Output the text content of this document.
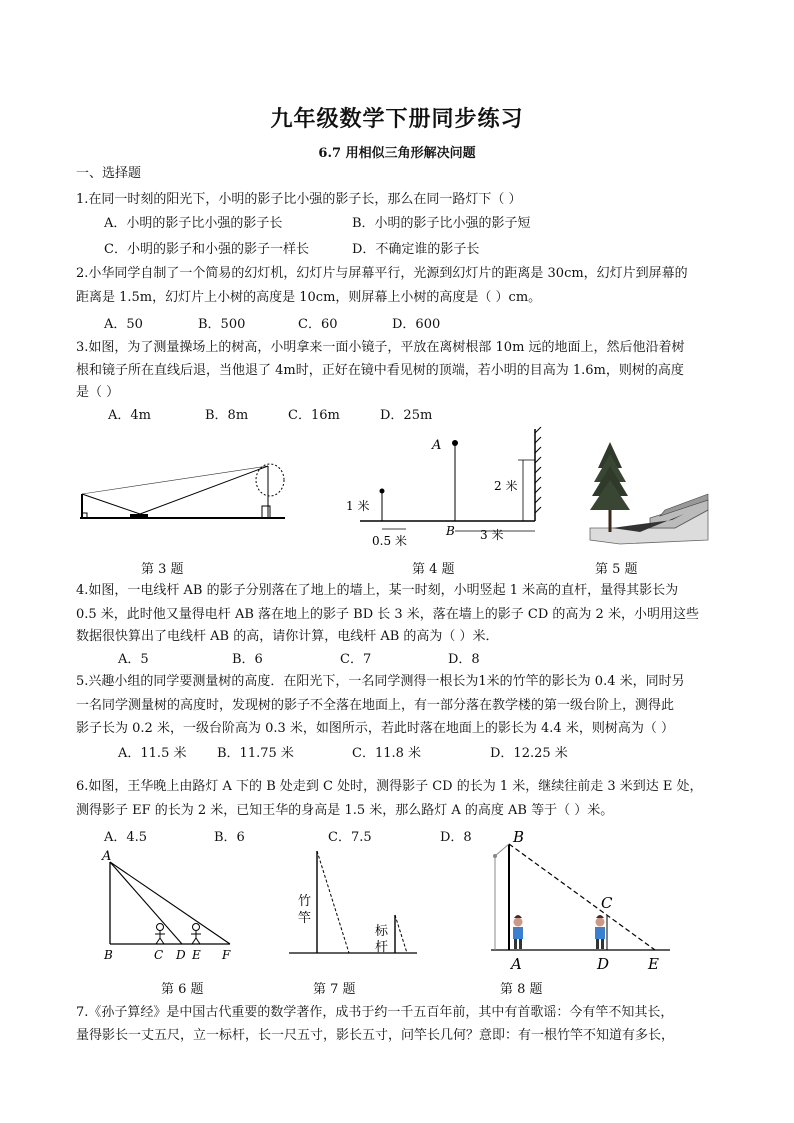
九年级数学下册同步练习
6.7 用相似三角形解决问题
一、选择题
1.在同一时刻的阳光下，小明的影子比小强的影子长，那么在同一路灯下（ ）
A．小明的影子比小强的影子长	B．小明的影子比小强的影子短
C．小明的影子和小强的影子一样长	D．不确定谁的影子长
2.小华同学自制了一个简易的幻灯机，幻灯片与屏幕平行，光源到幻灯片的距离是 30cm，幻灯片到屏幕的
距离是 1.5m，幻灯片上小树的高度是 10cm，则屏幕上小树的高度是（ ）cm。
A．50	B．500	C．60	D．600
3.如图，为了测量操场上的树高，小明拿来一面小镜子，平放在离树根部 10m 远的地面上，然后他沿着树
根和镜子所在直线后退，当他退了 4m时，正好在镜中看见树的顶端，若小明的目高为 1.6m，则树的高度
是（ ）
A．4m	B．8m	C．16m	D．25m
A
B
1 米
0.5 米	3 米
2 米
第 3 题	第 4 题	第 5 题
4.如图，一电线杆 AB 的影子分别落在了地上的墙上，某一时刻，小明竖起 1 米高的直杆，量得其影长为
0.5 米，此时他又量得电杆 AB 落在地上的影子 BD 长 3 米，落在墙上的影子 CD 的高为 2 米，小明用这些
数据很快算出了电线杆 AB 的高，请你计算，电线杆 AB 的高为（ ）米．
A．5	B．6	C．7	D．8
5.兴趣小组的同学要测量树的高度．在阳光下，一名同学测得一根长为1米的竹竿的影长为 0.4 米，同时另
一名同学测量树的高度时，发现树的影子不全落在地面上，有一部分落在教学楼的第一级台阶上，测得此
影子长为 0.2 米，一级台阶高为 0.3 米，如图所示，若此时落在地面上的影长为 4.4 米，则树高为（ ）
A．11.5 米 B．11.75 米	C．11.8 米	D．12.25 米
6.如图，王华晚上由路灯 A 下的 B 处走到 C 处时，测得影子 CD 的长为 1 米，继续往前走 3 米到达 E 处，
测得影子 EF 的长为 2 米，已知王华的身高是 1.5 米，那么路灯 A 的高度 AB 等于（ ）米。
A．4.5	B．6	C．7.5	D．8
A
B	C D E F
竹
竿
标
杆
B
C
A	D	E
第 6 题	第 7 题	第 8 题
7.《孙子算经》是中国古代重要的数学著作，成书于约一千五百年前，其中有首歌谣：今有竿不知其长，
量得影长一丈五尺，立一标杆，长一尺五寸，影长五寸，问竿长几何？意即：有一根竹竿不知道有多长，
